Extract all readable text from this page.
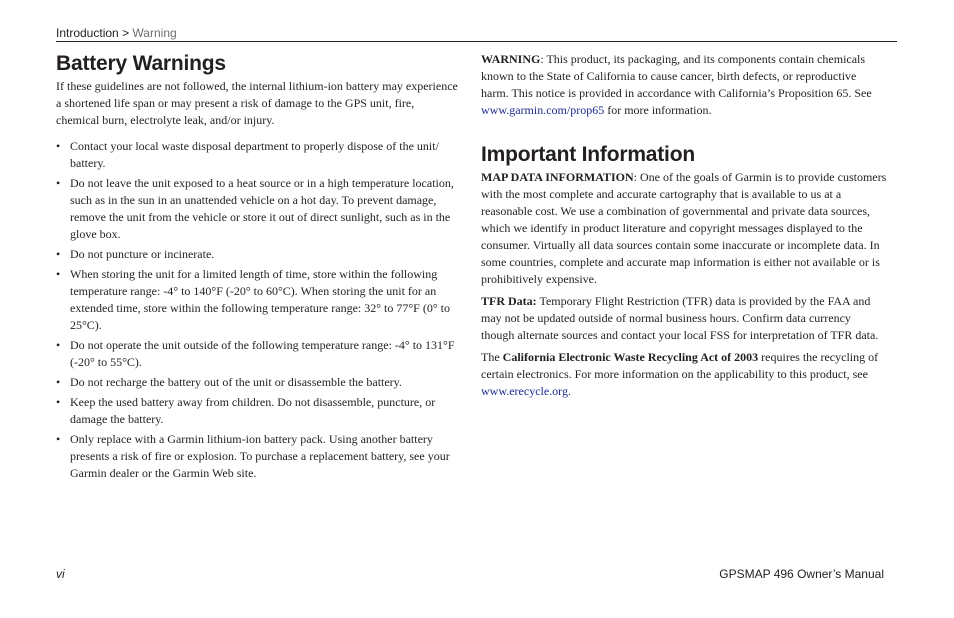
Introduction > Warning
Battery Warnings

If these guidelines are not followed, the internal lithium-ion battery may experience a shortened life span or may present a risk of damage to the GPS unit, fire, chemical burn, electrolyte leak, and/or injury.

• Contact your local waste disposal department to properly dispose of the unit/ battery.
• Do not leave the unit exposed to a heat source or in a high temperature location, such as in the sun in an unattended vehicle on a hot day. To prevent damage, remove the unit from the vehicle or store it out of direct sunlight, such as in the glove box.
• Do not puncture or incinerate.
• When storing the unit for a limited length of time, store within the following temperature range: -4° to 140°F (-20° to 60°C). When storing the unit for an extended time, store within the following temperature range: 32° to 77°F (0° to 25°C).
• Do not operate the unit outside of the following temperature range: -4° to 131°F (-20° to 55°C).
• Do not recharge the battery out of the unit or disassemble the battery.
• Keep the used battery away from children. Do not disassemble, puncture, or damage the battery.
• Only replace with a Garmin lithium-ion battery pack. Using another battery presents a risk of fire or explosion. To purchase a replacement battery, see your Garmin dealer or the Garmin Web site.

WARNING: This product, its packaging, and its components contain chemicals known to the State of California to cause cancer, birth defects, or reproductive harm. This notice is provided in accordance with California’s Proposition 65. See www.garmin.com/prop65 for more information.

Important Information

MAP DATA INFORMATION: One of the goals of Garmin is to provide customers with the most complete and accurate cartography that is available to us at a reasonable cost. We use a combination of governmental and private data sources, which we identify in product literature and copyright messages displayed to the consumer. Virtually all data sources contain some inaccurate or incomplete data. In some countries, complete and accurate map information is either not available or is prohibitively expensive.

TFR Data: Temporary Flight Restriction (TFR) data is provided by the FAA and may not be updated outside of normal business hours. Confirm data currency though alternate sources and contact your local FSS for interpretation of TFR data.

The California Electronic Waste Recycling Act of 2003 requires the recycling of certain electronics. For more information on the applicability to this product, see www.erecycle.org.

vi	GPSMAP 496 Owner’s Manual
